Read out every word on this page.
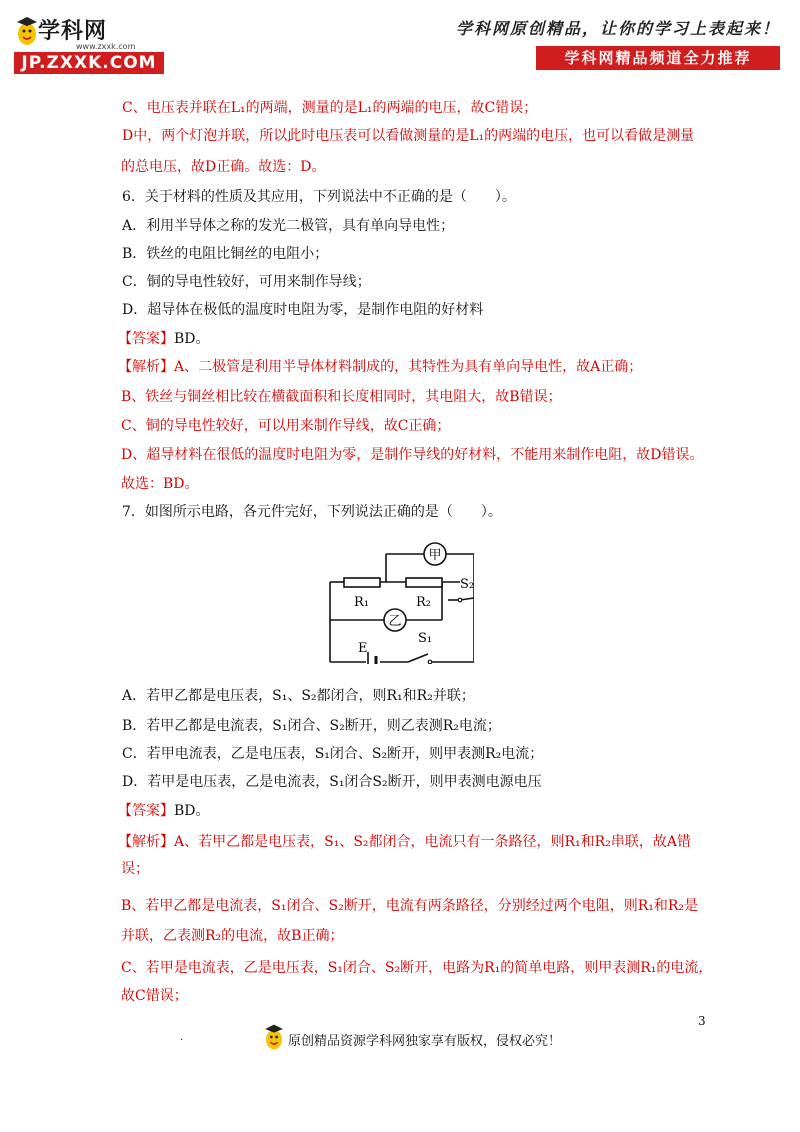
学科网
www.zxxk.com
JP.ZXXK.COM
学科网原创精品，让你的学习上表起来！
学科网精品频道全力推荐
C、电压表并联在L₁的两端，测量的是L₁的两端的电压，故C错误；
D中，两个灯泡并联，所以此时电压表可以看做测量的是L₁的两端的电压，也可以看做是测量
的总电压，故D正确。故选：D。
6．关于材料的性质及其应用，下列说法中不正确的是（　　）。
A．利用半导体之称的发光二极管，具有单向导电性；
B．铁丝的电阻比铜丝的电阻小；
C．铜的导电性较好，可用来制作导线；
D．超导体在极低的温度时电阻为零，是制作电阻的好材料
【答案】BD。
【解析】A、二极管是利用半导体材料制成的，其特性为具有单向导电性，故A正确；
B、铁丝与铜丝相比较在横截面积和长度相同时，其电阻大，故B错误；
C、铜的导电性较好，可以用来制作导线，故C正确；
D、超导材料在很低的温度时电阻为零，是制作导线的好材料，不能用来制作电阻，故D错误。
故选：BD。
7．如图所示电路，各元件完好，下列说法正确的是（　　）。
A．若甲乙都是电压表，S₁、S₂都闭合，则R₁和R₂并联；
B．若甲乙都是电流表，S₁闭合、S₂断开，则乙表测R₂电流；
C．若甲电流表，乙是电压表，S₁闭合、S₂断开，则甲表测R₂电流；
D．若甲是电压表，乙是电流表，S₁闭合S₂断开，则甲表测电源电压
【答案】BD。
【解析】A、若甲乙都是电压表，S₁、S₂都闭合，电流只有一条路径，则R₁和R₂串联，故A错
误；
B、若甲乙都是电流表，S₁闭合、S₂断开，电流有两条路径，分别经过两个电阻，则R₁和R₂是
并联，乙表测R₂的电流，故B正确；
C、若甲是电流表，乙是电压表，S₁闭合、S₂断开，电路为R₁的简单电路，则甲表测R₁的电流，
故C错误；
甲
乙
R₁	R₂
S₂
S₁
E
3
.	原创精品资源学科网独家享有版权，侵权必究！
